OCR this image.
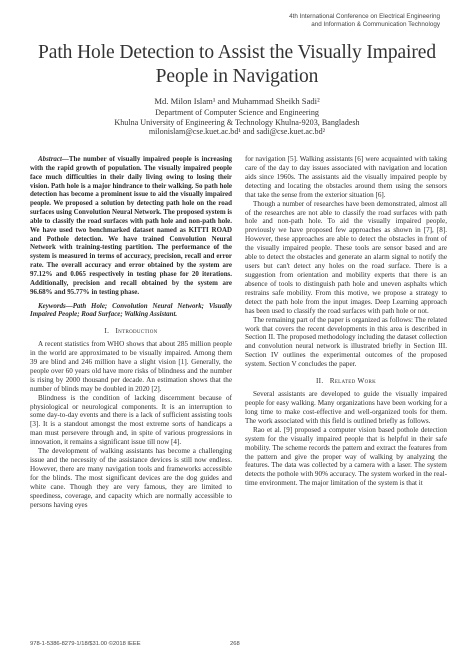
4th International Conference on Electrical Engineering
and Information & Communication Technology
Path Hole Detection to Assist the Visually Impaired
People in Navigation
Md. Milon Islam¹ and Muhammad Sheikh Sadi²
Department of Computer Science and Engineering
Khulna University of Engineering & Technology Khulna-9203, Bangladesh
milonislam@cse.kuet.ac.bd¹ and sadi@cse.kuet.ac.bd²

Abstract—The number of visually impaired people is increasing with the rapid growth of population. The visually impaired people face much difficulties in their daily living owing to losing their vision. Path hole is a major hindrance to their walking. So path hole detection has become a prominent issue to aid the visually impaired people. We proposed a solution by detecting path hole on the road surfaces using Convolution Neural Network. The proposed system is able to classify the road surfaces with path hole and non-path hole. We have used two benchmarked dataset named as KITTI ROAD and Pothole detection. We have trained Convolution Neural Network with training-testing partition. The performance of the system is measured in terms of accuracy, precision, recall and error rate. The overall accuracy and error obtained by the system are 97.12% and 0.065 respectively in testing phase for 20 iterations. Additionally, precision and recall obtained by the system are 96.68% and 95.77% in testing phase.

Keywords—Path Hole; Convolution Neural Network; Visually Impaired People; Road Surface; Walking Assistant.

I. Introduction

A recent statistics from WHO shows that about 285 million people in the world are approximated to be visually impaired. Among them 39 are blind and 246 million have a slight vision [1]. Generally, the people over 60 years old have more risks of blindness and the number is rising by 2000 thousand per decade. An estimation shows that the number of blinds may be doubled in 2020 [2].

Blindness is the condition of lacking discernment because of physiological or neurological components. It is an interruption to some day-to-day events and there is a lack of sufficient assisting tools [3]. It is a standout amongst the most extreme sorts of handicaps a man must persevere through and, in spite of various progressions in innovation, it remains a significant issue till now [4].

The development of walking assistants has become a challenging issue and the necessity of the assistance devices is still now endless. However, there are many navigation tools and frameworks accessible for the blinds. The most significant devices are the dog guides and white cane. Though they are very famous, they are limited to speediness, coverage, and capacity which are normally accessible to persons having eyes

for navigation [5]. Walking assistants [6] were acquainted with taking care of the day to day issues associated with navigation and location aids since 1960s. The assistants aid the visually impaired people by detecting and locating the obstacles around them using the sensors that take the sense from the exterior situation [6].

Though a number of researches have been demonstrated, almost all of the researches are not able to classify the road surfaces with path hole and non-path hole. To aid the visually impaired people, previously we have proposed few approaches as shown in [7], [8]. However, these approaches are able to detect the obstacles in front of the visually impaired people. These tools are sensor based and are able to detect the obstacles and generate an alarm signal to notify the users but can't detect any holes on the road surface. There is a suggestion from orientation and mobility experts that there is an absence of tools to distinguish path hole and uneven asphalts which restrains safe mobility. From this motive, we propose a strategy to detect the path hole from the input images. Deep Learning approach has been used to classify the road surfaces with path hole or not.

The remaining part of the paper is organized as follows: The related work that covers the recent developments in this area is described in Section II. The proposed methodology including the dataset collection and convolution neural network is illustrated briefly in Section III. Section IV outlines the experimental outcomes of the proposed system. Section V concludes the paper.

II. Related Work

Several assistants are developed to guide the visually impaired people for easy walking. Many organizations have been working for a long time to make cost-effective and well-organized tools for them. The work associated with this field is outlined briefly as follows.

Rao et al. [9] proposed a computer vision based pothole detection system for the visually impaired people that is helpful in their safe mobility. The scheme records the pattern and extract the features from the pattern and give the proper way of walking by analyzing the features. The data was collected by a camera with a laser. The system detects the pothole with 90% accuracy. The system worked in the real-time environment. The major limitation of the system is that it

978-1-5386-8279-1/18/$31.00 ©2018 IEEE	268
